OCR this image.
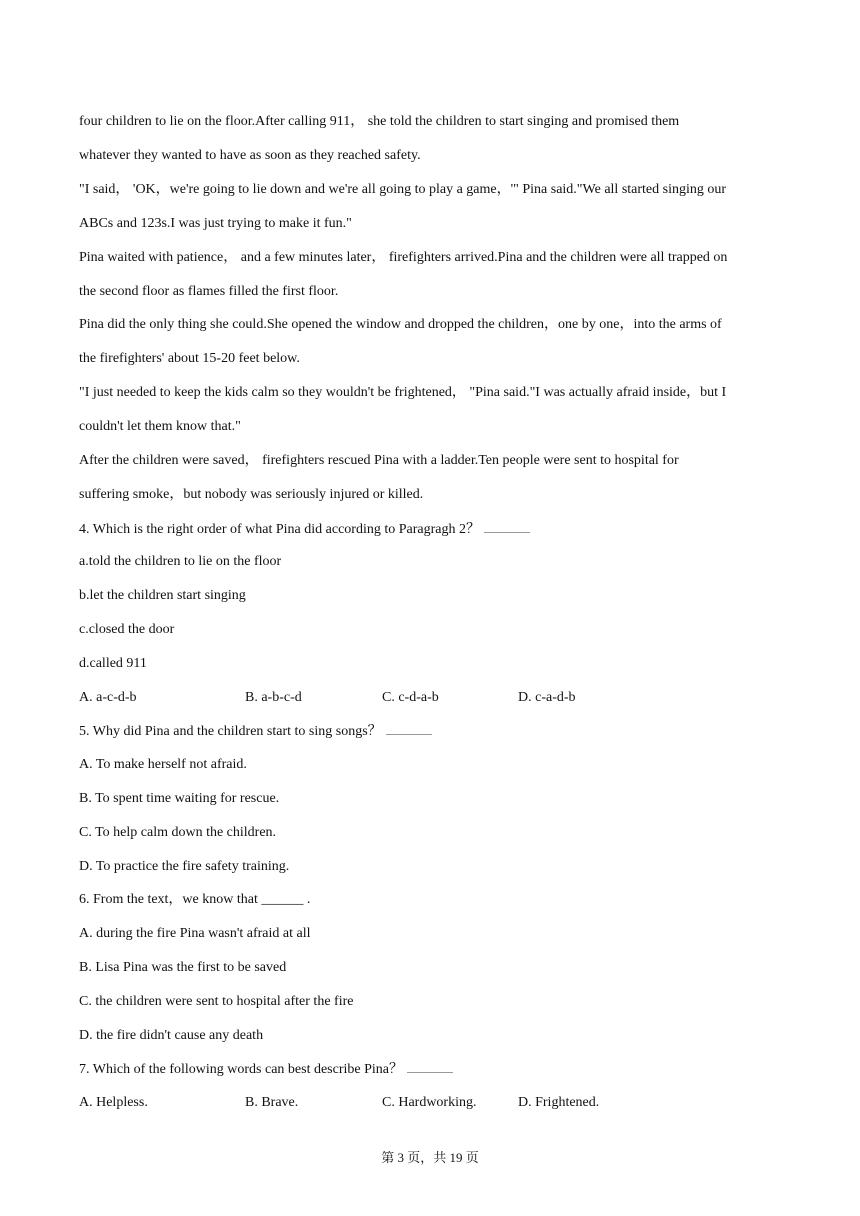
four children to lie on the floor.After calling 911， she told the children to start singing and promised them
whatever they wanted to have as soon as they reached safety.
"I said， 'OK，we're going to lie down and we're all going to play a game，'" Pina said."We all started singing our
ABCs and 123s.I was just trying to make it fun."
Pina waited with patience， and a few minutes later， firefighters arrived.Pina and the children were all trapped on
the second floor as flames filled the first floor.
Pina did the only thing she could.She opened the window and dropped the children，one by one，into the arms of
the firefighters' about 15-20 feet below.
"I just needed to keep the kids calm so they wouldn't be frightened， "Pina said."I was actually afraid inside，but I
couldn't let them know that."
After the children were saved， firefighters rescued Pina with a ladder.Ten people were sent to hospital for
suffering smoke，but nobody was seriously injured or killed.
4. Which is the right order of what Pina did according to Paragragh 2？
a.told the children to lie on the floor
b.let the children start singing
c.closed the door
d.called 911
A. a-c-d-b	B. a-b-c-d	C. c-d-a-b	D. c-a-d-b
5. Why did Pina and the children start to sing songs？
A. To make herself not afraid.
B. To spent time waiting for rescue.
C. To help calm down the children.
D. To practice the fire safety training.
6. From the text，we know that ______ .
A. during the fire Pina wasn't afraid at all
B. Lisa Pina was the first to be saved
C. the children were sent to hospital after the fire
D. the fire didn't cause any death
7. Which of the following words can best describe Pina？
A. Helpless.	B. Brave.	C. Hardworking.	D. Frightened.
第 3 页，共 19 页
